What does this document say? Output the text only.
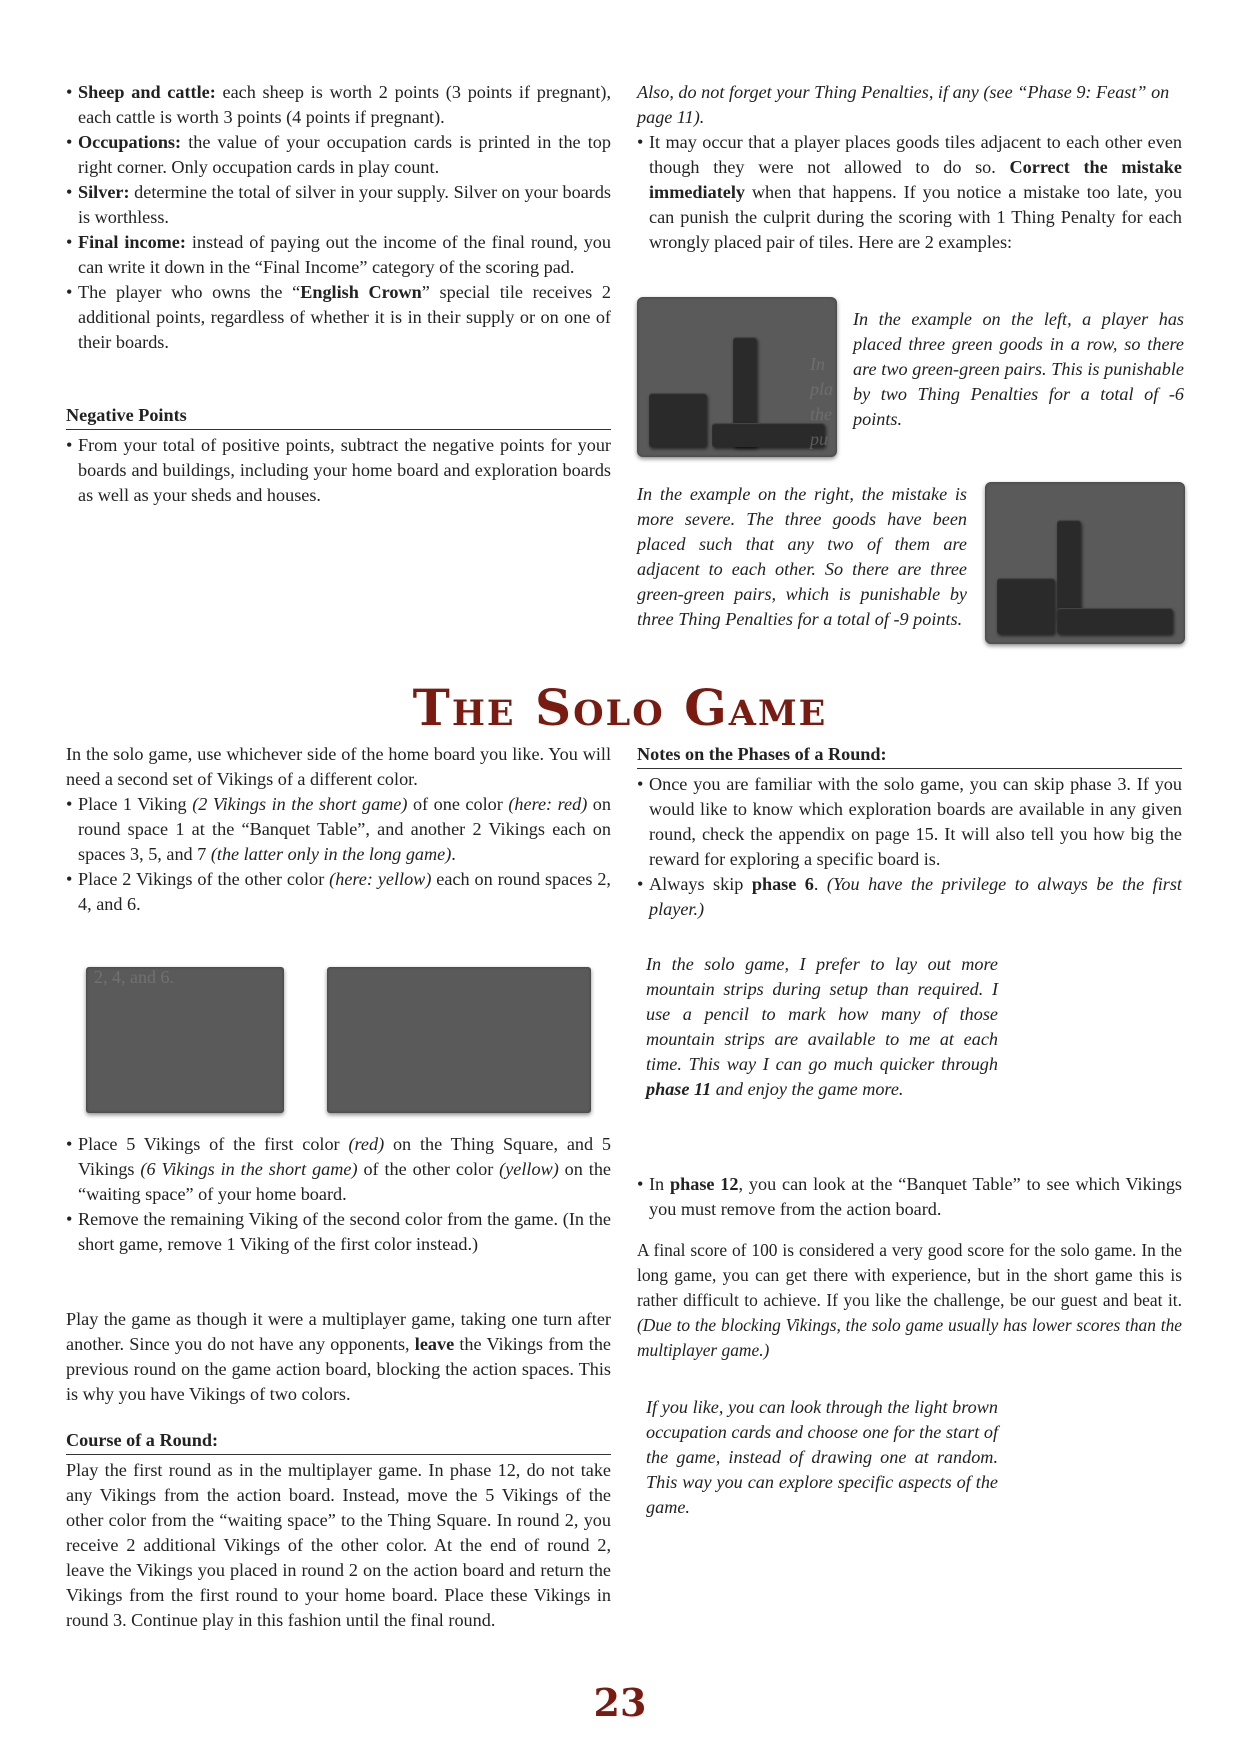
• Sheep and cattle: each sheep is worth 2 points (3 points if pregnant), each cattle is worth 3 points (4 points if pregnant).
• Occupations: the value of your occupation cards is printed in the top right corner. Only occupation cards in play count.
• Silver: determine the total of silver in your supply. Silver on your boards is worthless.
• Final income: instead of paying out the income of the final round, you can write it down in the “Final Income” category of the scoring pad.
• The player who owns the “English Crown” special tile receives 2 additional points, regardless of whether it is in their supply or on one of their boards.
Negative Points
• From your total of positive points, subtract the negative points for your boards and buildings, including your home board and exploration boards as well as your sheds and houses.

Also, do not forget your Thing Penalties, if any (see “Phase 9: Feast” on page 11).

• It may occur that a player places goods tiles adjacent to each other even though they were not allowed to do so. Correct the mistake immediately when that happens. If you notice a mistake too late, you can punish the culprit during the scoring with 1 Thing Penalty for each wrongly placed pair of tiles. Here are 2 examples:
In
pla
the
pu
In the example on the left, a player has placed three green goods in a row, so there are two green-green pairs. This is punishable by two Thing Penalties for a total of -6 points.
In the example on the right, the mistake is more severe. The three goods have been placed such that any two of them are adjacent to each other. So there are three green-green pairs, which is punishable by three Thing Penalties for a total of -9 points.
The Solo Game

In the solo game, use whichever side of the home board you like. You will need a second set of Vikings of a different color.

• Place 1 Viking (2 Vikings in the short game) of one color (here: red) on round space 1 at the “Banquet Table”, and another 2 Vikings each on spaces 3, 5, and 7 (the latter only in the long game).
• Place 2 Vikings of the other color (here: yellow) each on round spaces 2, 4, and 6.
2, 4, and 6.
• Place 5 Vikings of the first color (red) on the Thing Square, and 5 Vikings (6 Vikings in the short game) of the other color (yellow) on the “waiting space” of your home board.
• Remove the remaining Viking of the second color from the game. (In the short game, remove 1 Viking of the first color instead.)

Play the game as though it were a multiplayer game, taking one turn after another. Since you do not have any opponents, leave the Vikings from the previous round on the game action board, blocking the action spaces. This is why you have Vikings of two colors.

Course of a Round:

Play the first round as in the multiplayer game. In phase 12, do not take any Vikings from the action board. Instead, move the 5 Vikings of the other color from the “waiting space” to the Thing Square. In round 2, you receive 2 additional Vikings of the other color. At the end of round 2, leave the Vikings you placed in round 2 on the action board and return the Vikings from the first round to your home board. Place these Vikings in round 3. Continue play in this fashion until the final round.

Notes on the Phases of a Round:
• Once you are familiar with the solo game, you can skip phase 3. If you would like to know which exploration boards are available in any given round, check the appendix on page 15. It will also tell you how big the reward for exploring a specific board is.
• Always skip phase 6. (You have the privilege to always be the first player.)
In the solo game, I prefer to lay out more mountain strips during setup than required. I use a pencil to mark how many of those mountain strips are available to me at each time. This way I can go much quicker through phase 11 and enjoy the game more.
• In phase 12, you can look at the “Banquet Table” to see which Vikings you must remove from the action board.

A final score of 100 is considered a very good score for the solo game. In the long game, you can get there with experience, but in the short game this is rather difficult to achieve. If you like the challenge, be our guest and beat it. (Due to the blocking Vikings, the solo game usually has lower scores than the multiplayer game.)

If you like, you can look through the light brown occupation cards and choose one for the start of the game, instead of drawing one at random. This way you can explore specific aspects of the game.
23
